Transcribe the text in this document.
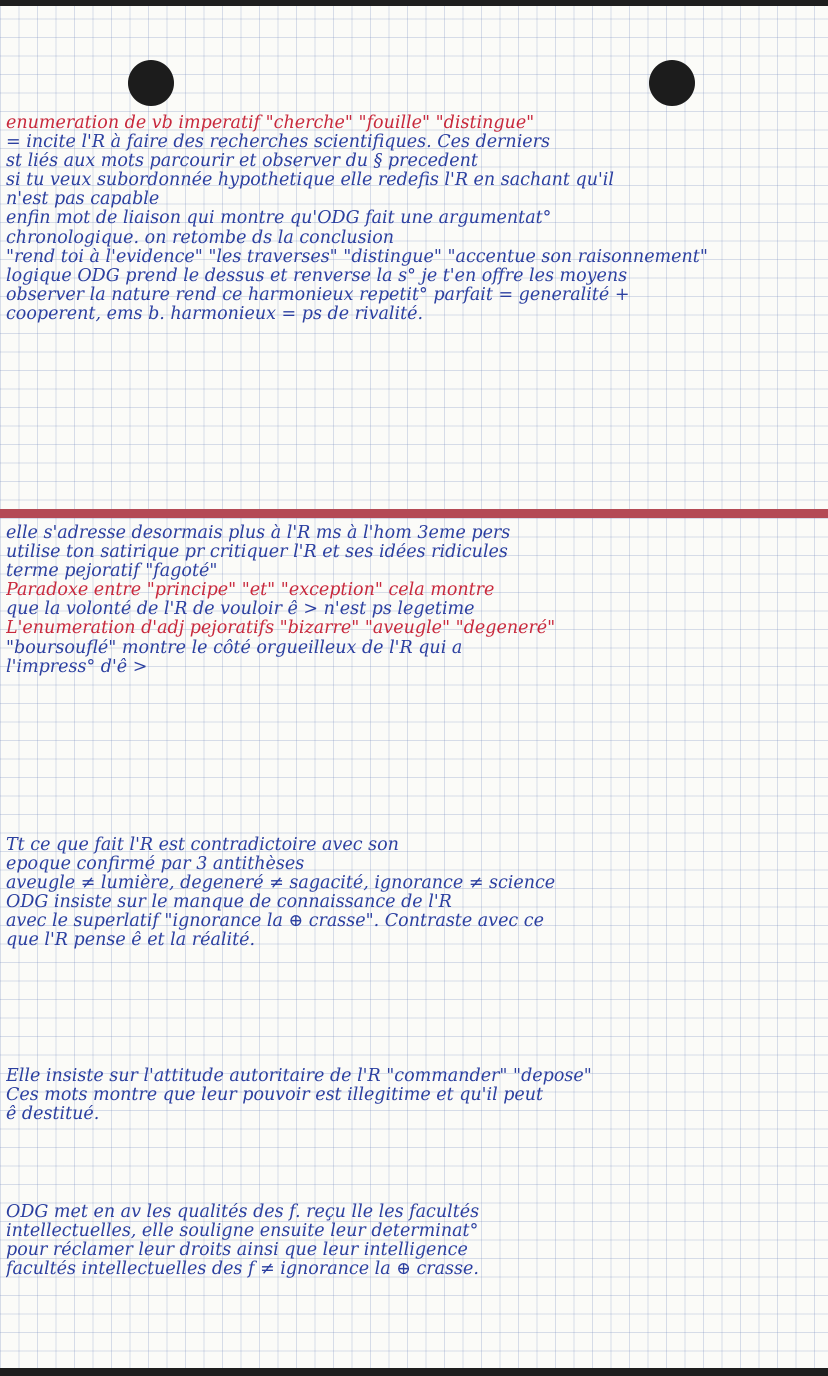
enumeration de vb imperatif "cherche" "fouille" "distingue"
= incite l'R à faire des recherches scientifiques. Ces derniers
st liés aux mots parcourir et observer du § precedent
si tu veux subordonnée hypothetique elle redefis l'R en sachant qu'il
n'est pas capable
enfin mot de liaison qui montre qu'ODG fait une argumentat°
chronologique. on retombe ds la conclusion
"rend toi à l'evidence" "les traverses" "distingue" "accentue son raisonnement"
logique ODG prend le dessus et renverse la s° je t'en offre les moyens
observer la nature rend ce harmonieux repetit° parfait = generalité +
cooperent, ems b. harmonieux = ps de rivalité.
elle s'adresse desormais plus à l'R ms à l'hom 3eme pers
utilise ton satirique pr critiquer l'R et ses idées ridicules
terme pejoratif "fagoté"
Paradoxe entre "principe" "et" "exception" cela montre
que la volonté de l'R de vouloir ê > n'est ps legetime
L'enumeration d'adj pejoratifs "bizarre" "aveugle" "degeneré"
"boursouflé" montre le côté orgueilleux de l'R qui a
l'impress° d'ê >
Tt ce que fait l'R est contradictoire avec son
epoque confirmé par 3 antithèses
aveugle ≠ lumière, degeneré ≠ sagacité, ignorance ≠ science
ODG insiste sur le manque de connaissance de l'R
avec le superlatif "ignorance la ⊕ crasse". Contraste avec ce
que l'R pense ê et la réalité.
Elle insiste sur l'attitude autoritaire de l'R "commander" "depose"
Ces mots montre que leur pouvoir est illegitime et qu'il peut
ê destitué.
ODG met en av les qualités des f. reçu lle les facultés
intellectuelles, elle souligne ensuite leur determinat°
pour réclamer leur droits ainsi que leur intelligence
facultés intellectuelles des f ≠ ignorance la ⊕ crasse.
